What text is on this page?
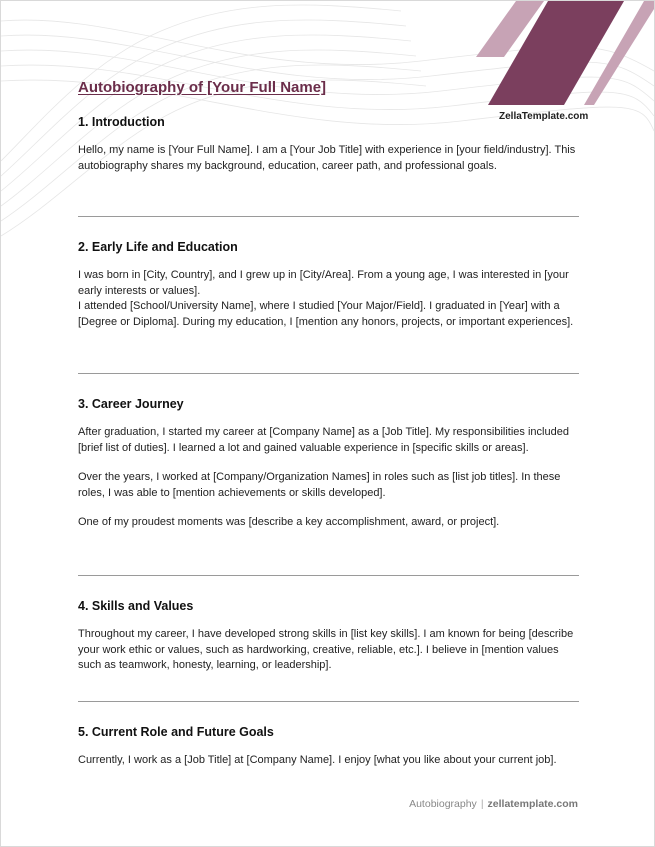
ZellaTemplate.com
Autobiography of [Your Full Name]
1. Introduction

Hello, my name is [Your Full Name]. I am a [Your Job Title] with experience in [your field/industry]. This autobiography shares my background, education, career path, and professional goals.

2. Early Life and Education

I was born in [City, Country], and I grew up in [City/Area]. From a young age, I was interested in [your early interests or values].

I attended [School/University Name], where I studied [Your Major/Field]. I graduated in [Year] with a [Degree or Diploma]. During my education, I [mention any honors, projects, or important experiences].

3. Career Journey

After graduation, I started my career at [Company Name] as a [Job Title]. My responsibilities included [brief list of duties]. I learned a lot and gained valuable experience in [specific skills or areas].

Over the years, I worked at [Company/Organization Names] in roles such as [list job titles]. In these roles, I was able to [mention achievements or skills developed].

One of my proudest moments was [describe a key accomplishment, award, or project].

4. Skills and Values

Throughout my career, I have developed strong skills in [list key skills]. I am known for being [describe your work ethic or values, such as hardworking, creative, reliable, etc.]. I believe in [mention values such as teamwork, honesty, learning, or leadership].

5. Current Role and Future Goals

Currently, I work as a [Job Title] at [Company Name]. I enjoy [what you like about your current job].

Autobiography | zellatemplate.com
